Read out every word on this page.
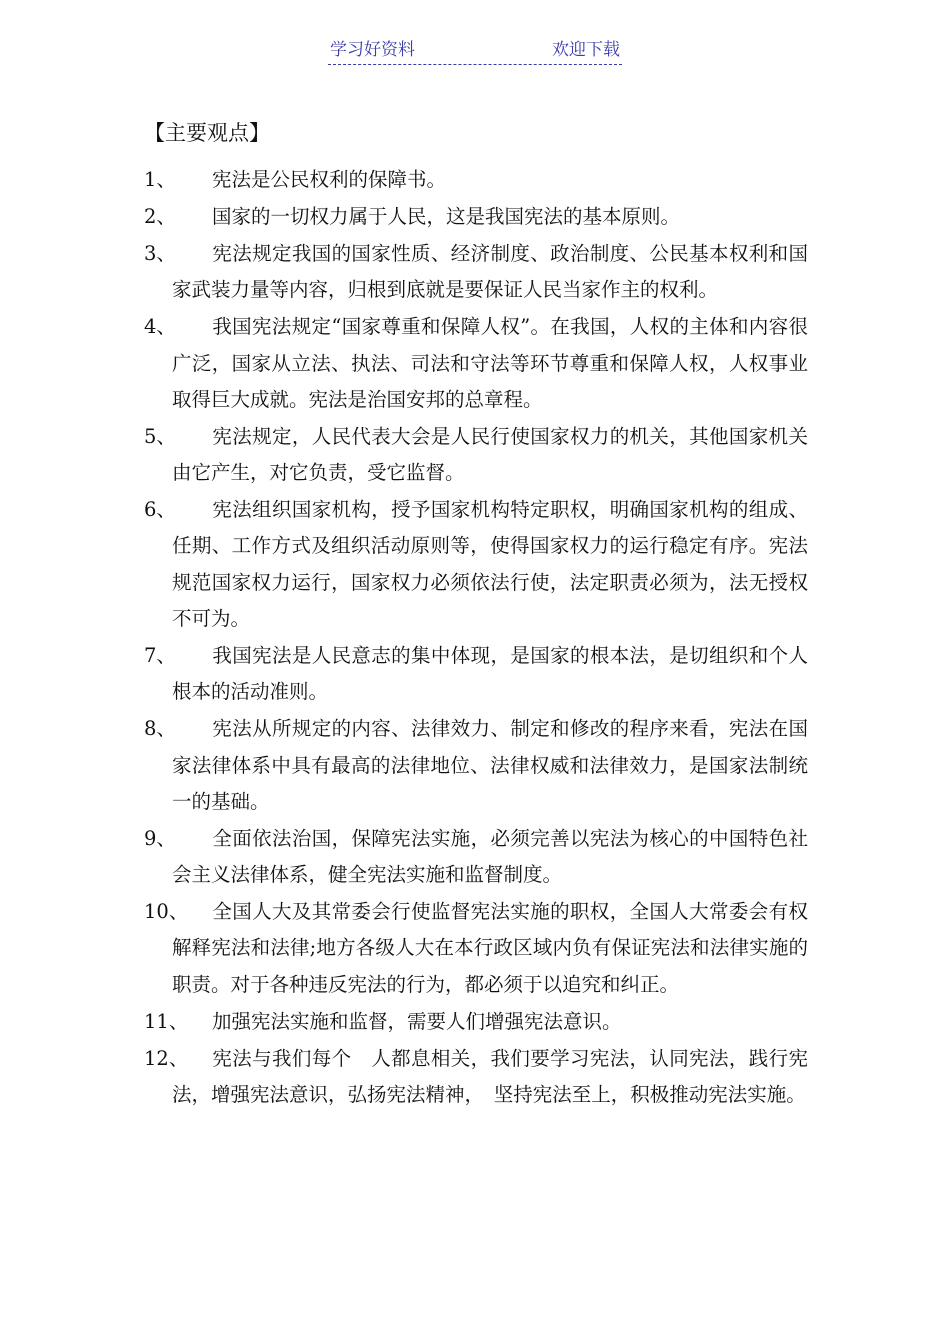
学习好资料	欢迎下载
【主要观点】
1、	宪法是公民权利的保障书。
2、	国家的一切权力属于人民，这是我国宪法的基本原则。
3、	宪法规定我国的国家性质、经济制度、政治制度、公民基本权利和国家武装力量等内容，归根到底就是要保证人民当家作主的权利。
4、	我国宪法规定“国家尊重和保障人权”。在我国，人权的主体和内容很广泛，国家从立法、执法、司法和守法等环节尊重和保障人权，人权事业取得巨大成就。宪法是治国安邦的总章程。
5、	宪法规定，人民代表大会是人民行使国家权力的机关，其他国家机关由它产生，对它负责，受它监督。
6、	宪法组织国家机构，授予国家机构特定职权，明确国家机构的组成、任期、工作方式及组织活动原则等，使得国家权力的运行稳定有序。宪法规范国家权力运行，国家权力必须依法行使，法定职责必须为，法无授权不可为。
7、	我国宪法是人民意志的集中体现，是国家的根本法，是切组织和个人根本的活动准则。
8、	宪法从所规定的内容、法律效力、制定和修改的程序来看，宪法在国家法律体系中具有最高的法律地位、法律权威和法律效力，是国家法制统一的基础。
9、	全面依法治国，保障宪法实施，必须完善以宪法为核心的中国特色社会主义法律体系，健全宪法实施和监督制度。
10、 全国人大及其常委会行使监督宪法实施的职权，全国人大常委会有权解释宪法和法律;地方各级人大在本行政区域内负有保证宪法和法律实施的职责。对于各种违反宪法的行为，都必须于以追究和纠正。
11、 加强宪法实施和监督，需要人们增强宪法意识。
12、 宪法与我们每个　人都息相关，我们要学习宪法，认同宪法，践行宪法，增强宪法意识，弘扬宪法精神，　坚持宪法至上，积极推动宪法实施。
